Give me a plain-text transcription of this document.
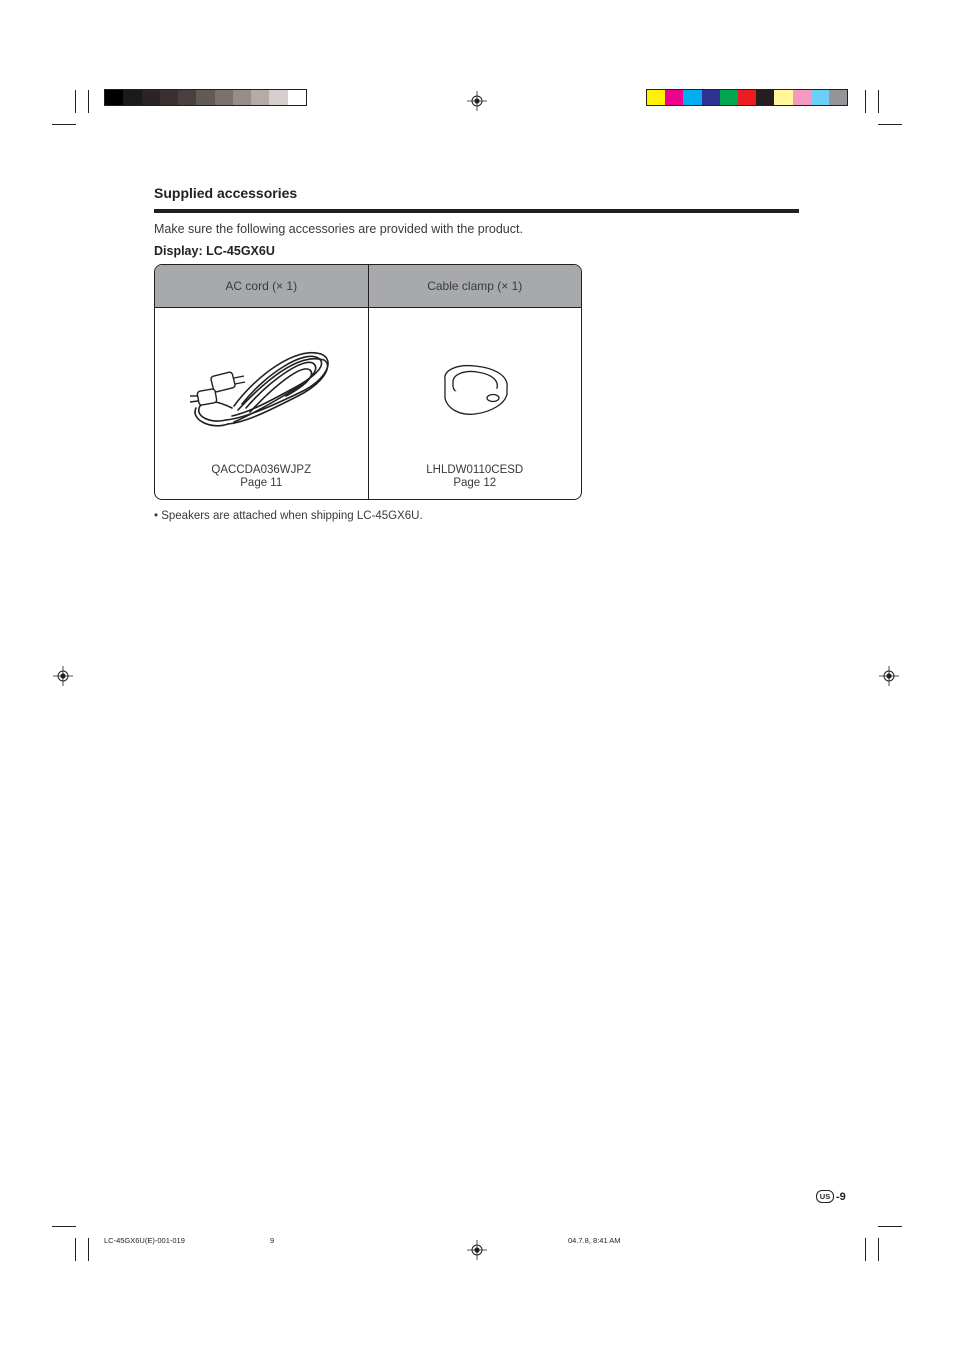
Supplied accessories
Make sure the following accessories are provided with the product.
Display: LC-45GX6U
AC cord (× 1)
QACCDA036WJPZ
Page 11
Cable clamp (× 1)
LHLDW0110CESD
Page 12
• Speakers are attached when shipping LC-45GX6U.
US -9
LC-45GX6U(E)-001-019	9	04.7.8, 8:41 AM
